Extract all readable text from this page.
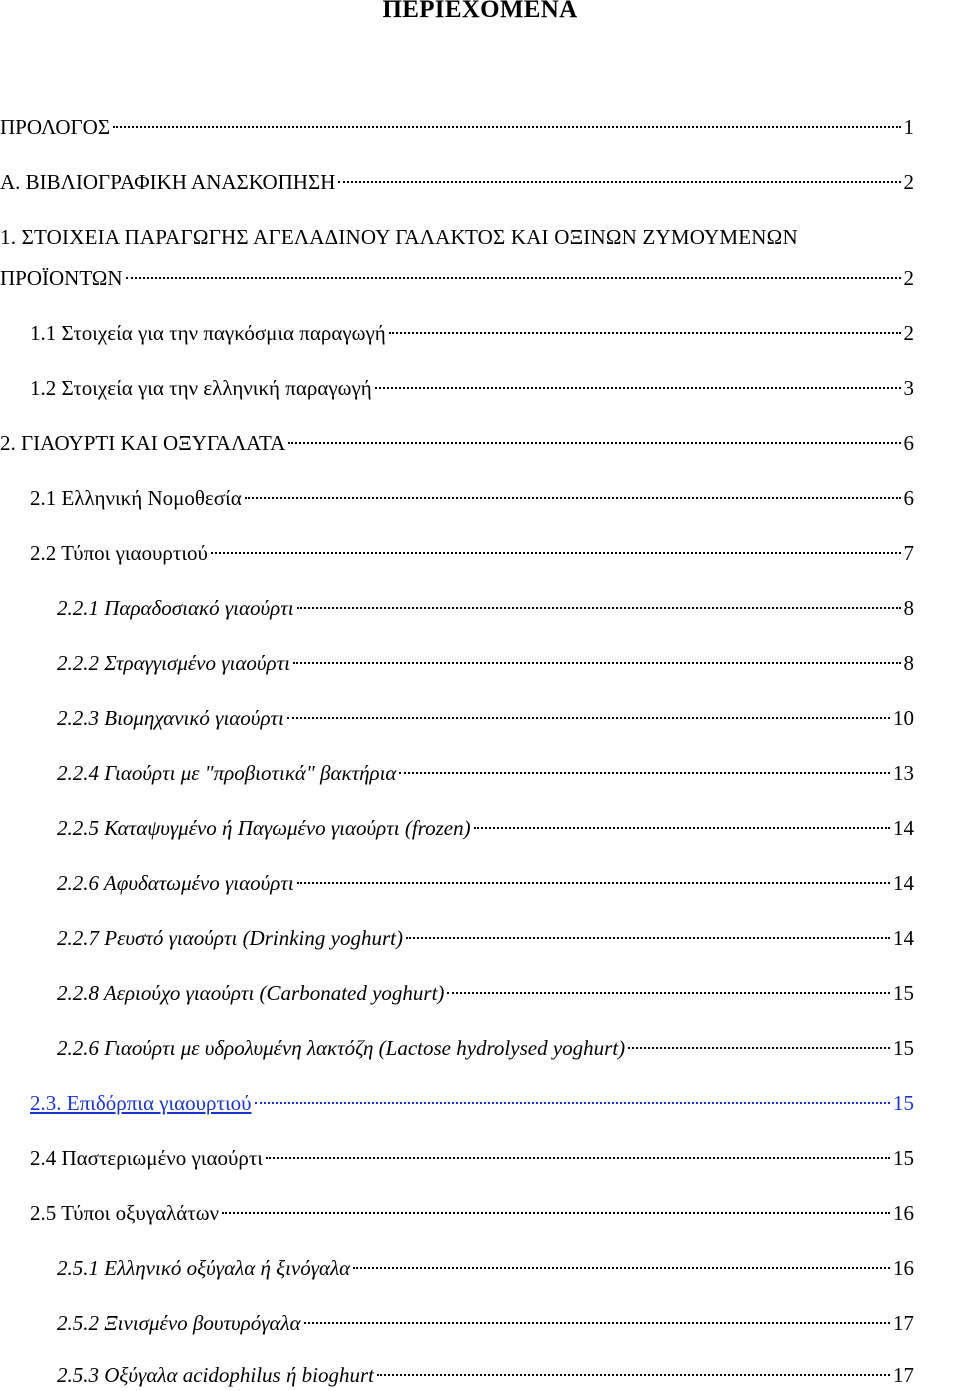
ΠΕΡΙΕΧΟΜΕΝΑ
ΠΡΟΛΟΓΟΣ	1
Α. ΒΙΒΛΙΟΓΡΑΦΙΚΗ ΑΝΑΣΚΟΠΗΣΗ	2
1. ΣΤΟΙΧΕΙΑ ΠΑΡΑΓΩΓΗΣ ΑΓΕΛΑΔΙΝΟΥ ΓΑΛΑΚΤΟΣ ΚΑΙ ΟΞΙΝΩΝ ΖΥΜΟΥΜΕΝΩΝ
ΠΡΟΪΟΝΤΩΝ	2
1.1 Στοιχεία για την παγκόσμια παραγωγή	2
1.2 Στοιχεία για την ελληνική παραγωγή	3
2. ΓΙΑΟΥΡΤΙ ΚΑΙ ΟΞΥΓΑΛΑΤΑ	6
2.1 Ελληνική Νομοθεσία	6
2.2 Τύποι γιαουρτιού	7
2.2.1 Παραδοσιακό γιαούρτι	8
2.2.2 Στραγγισμένο γιαούρτι	8
2.2.3 Βιομηχανικό γιαούρτι	10
2.2.4 Γιαούρτι με "προβιοτικά" βακτήρια	13
2.2.5 Καταψυγμένο ή Παγωμένο γιαούρτι (frozen)	14
2.2.6 Αφυδατωμένο γιαούρτι	14
2.2.7 Ρευστό γιαούρτι (Drinking yoghurt)	14
2.2.8 Αεριούχο γιαούρτι (Carbonated yoghurt)	15
2.2.6 Γιαούρτι με υδρολυμένη λακτόζη (Lactose hydrolysed yoghurt)	15
2.3. Επιδόρπια γιαουρτιού	15
2.4 Παστεριωμένο γιαούρτι	15
2.5 Τύποι οξυγαλάτων	16
2.5.1 Ελληνικό οξύγαλα ή ξινόγαλα	16
2.5.2 Ξινισμένο βουτυρόγαλα	17
2.5.3 Οξύγαλα acidophilus ή bioghurt	17
